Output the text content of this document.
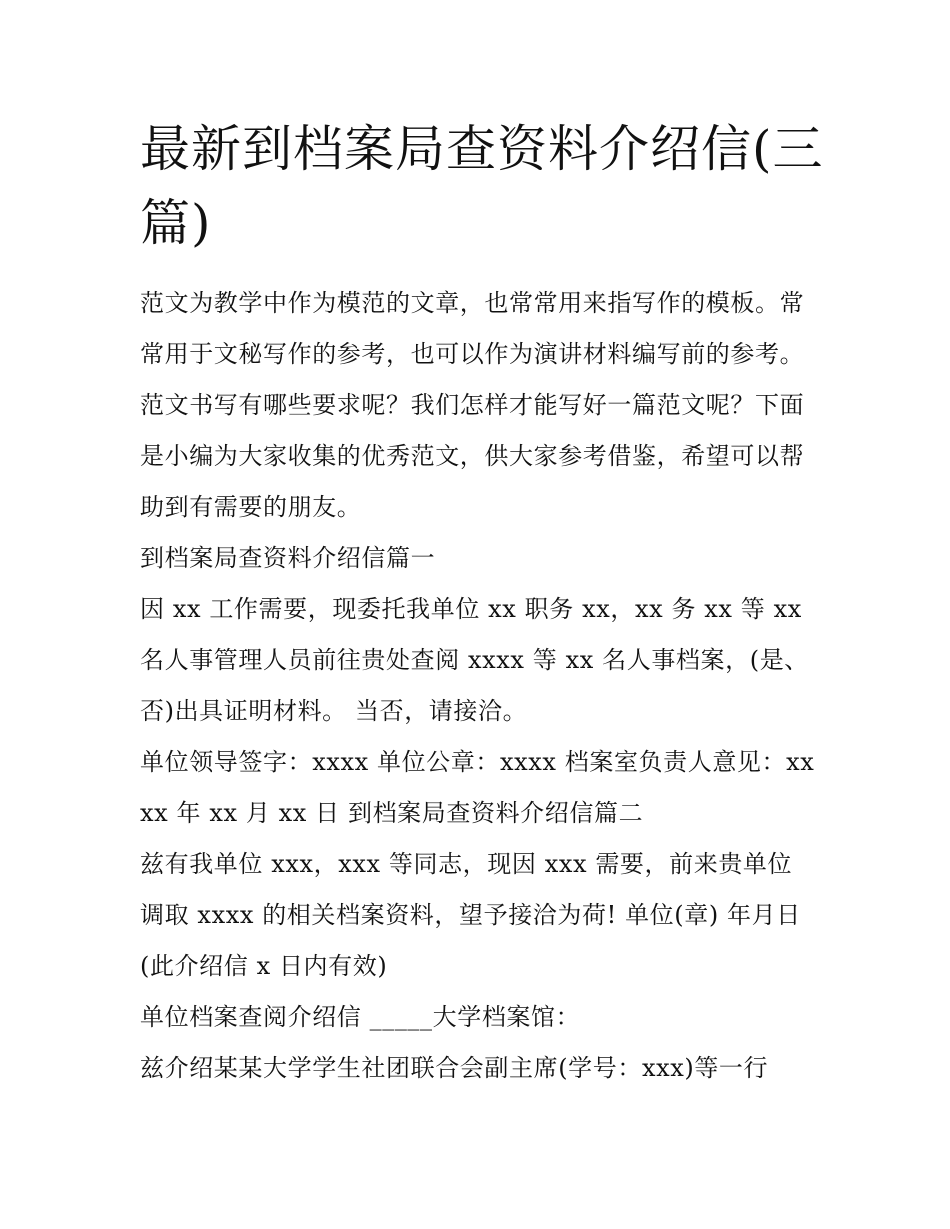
最新到档案局查资料介绍信(三篇)

范文为教学中作为模范的文章，也常常用来指写作的模板。常常用于文秘写作的参考，也可以作为演讲材料编写前的参考。范文书写有哪些要求呢？我们怎样才能写好一篇范文呢？下面是小编为大家收集的优秀范文，供大家参考借鉴，希望可以帮助到有需要的朋友。

到档案局查资料介绍信篇一

因 xx 工作需要，现委托我单位 xx 职务 xx，xx 务 xx 等 xx 名人事管理人员前往贵处查阅 xxxx 等 xx 名人事档案，(是、否)出具证明材料。 当否，请接洽。

单位领导签字：xxxx 单位公章：xxxx 档案室负责人意见：xx xx 年 xx 月 xx 日 到档案局查资料介绍信篇二

兹有我单位 xxx，xxx 等同志，现因 xxx 需要，前来贵单位调取 xxxx 的相关档案资料，望予接洽为荷! 单位(章) 年月日 (此介绍信 x 日内有效)

单位档案查阅介绍信 _____大学档案馆：

兹介绍某某大学学生社团联合会副主席(学号：xxx)等一行
